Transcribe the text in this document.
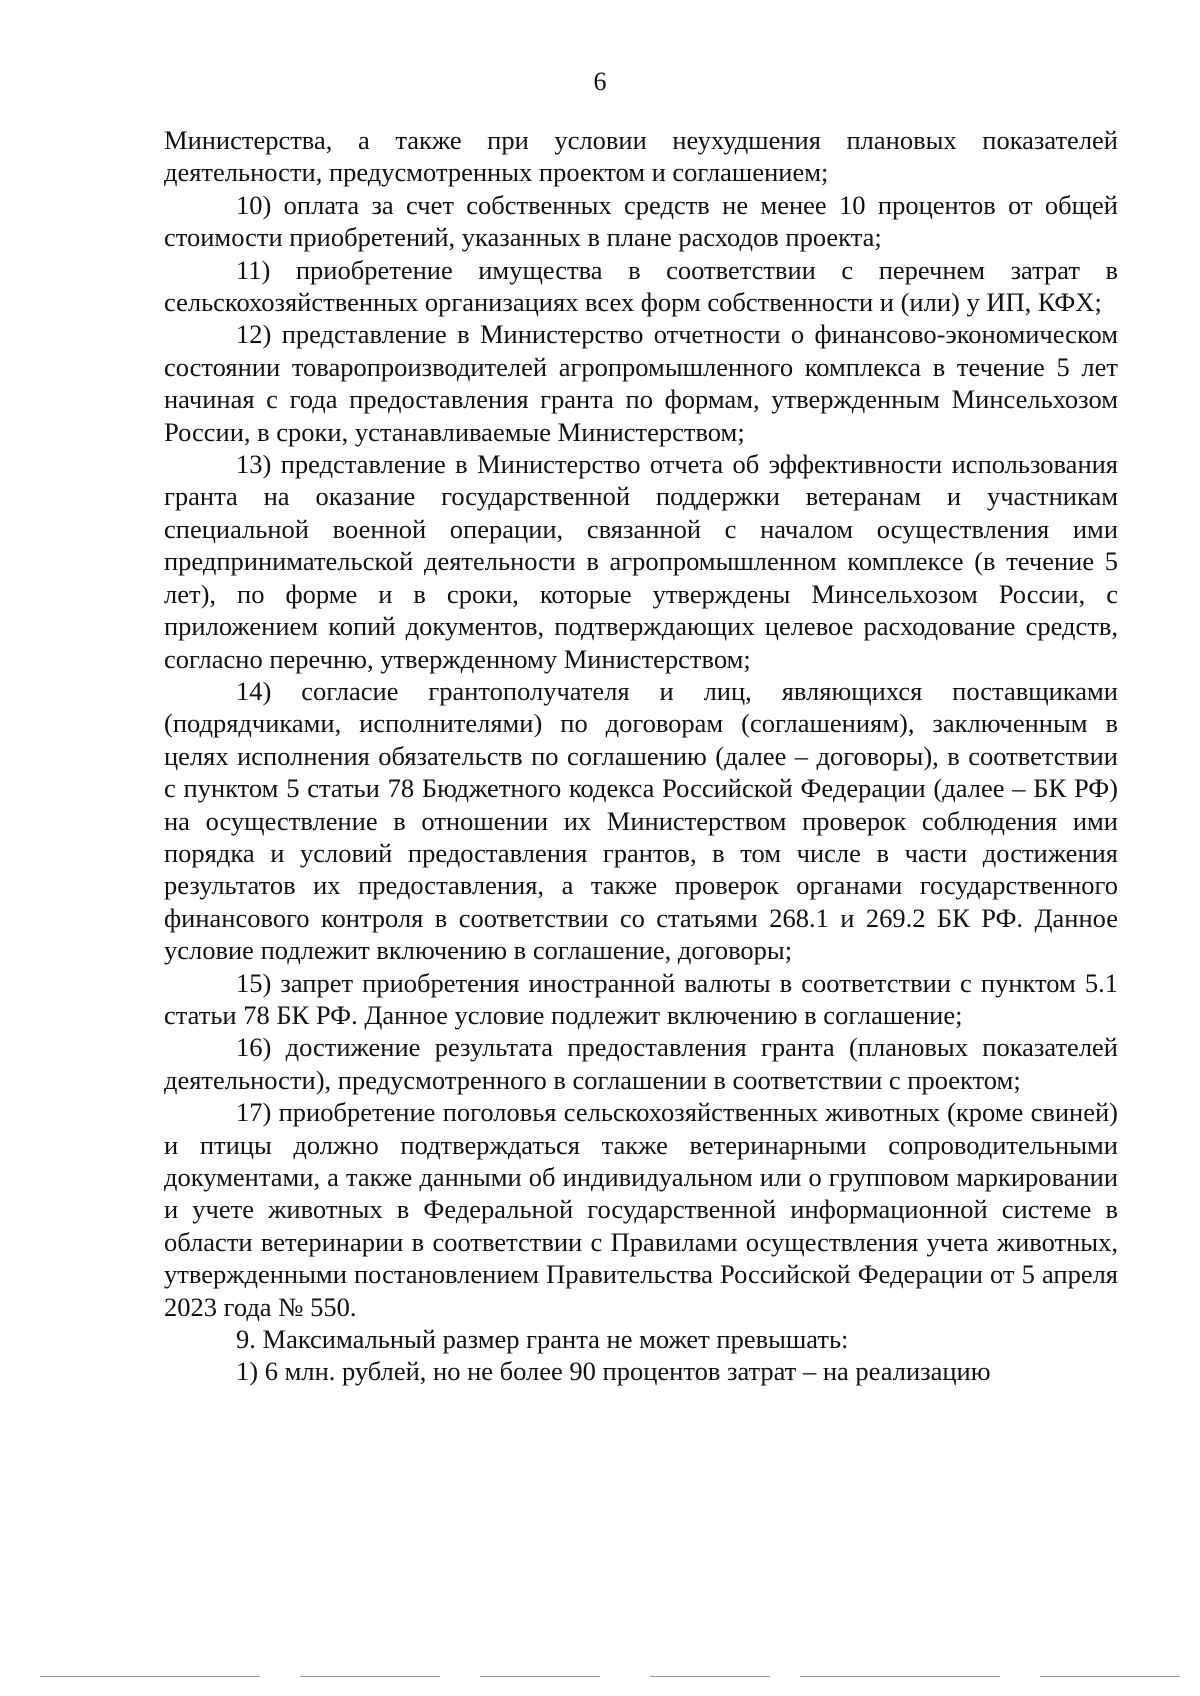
6

Министерства, а также при условии неухудшения плановых показателей деятельности, предусмотренных проектом и соглашением;

10) оплата за счет собственных средств не менее 10 процентов от общей стоимости приобретений, указанных в плане расходов проекта;

11) приобретение имущества в соответствии с перечнем затрат в сельскохозяйственных организациях всех форм собственности и (или) у ИП, КФХ;

12) представление в Министерство отчетности о финансово-экономическом состоянии товаропроизводителей агропромышленного комплекса в течение 5 лет начиная с года предоставления гранта по формам, утвержденным Минсельхозом России, в сроки, устанавливаемые Министерством;

13) представление в Министерство отчета об эффективности использования гранта на оказание государственной поддержки ветеранам и участникам специальной военной операции, связанной с началом осуществления ими предпринимательской деятельности в агропромышленном комплексе (в течение 5 лет), по форме и в сроки, которые утверждены Минсельхозом России, с приложением копий документов, подтверждающих целевое расходование средств, согласно перечню, утвержденному Министерством;

14) согласие грантополучателя и лиц, являющихся поставщиками (подрядчиками, исполнителями) по договорам (соглашениям), заключенным в целях исполнения обязательств по соглашению (далее – договоры), в соответствии с пунктом 5 статьи 78 Бюджетного кодекса Российской Федерации (далее – БК РФ) на осуществление в отношении их Министерством проверок соблюдения ими порядка и условий предоставления грантов, в том числе в части достижения результатов их предоставления, а также проверок органами государственного финансового контроля в соответствии со статьями 268.1 и 269.2 БК РФ. Данное условие подлежит включению в соглашение, договоры;

15) запрет приобретения иностранной валюты в соответствии с пунктом 5.1 статьи 78 БК РФ. Данное условие подлежит включению в соглашение;

16) достижение результата предоставления гранта (плановых показателей деятельности), предусмотренного в соглашении в соответствии с проектом;

17) приобретение поголовья сельскохозяйственных животных (кроме свиней) и птицы должно подтверждаться также ветеринарными сопроводительными документами, а также данными об индивидуальном или о групповом маркировании и учете животных в Федеральной государственной информационной системе в области ветеринарии в соответствии с Правилами осуществления учета животных, утвержденными постановлением Правительства Российской Федерации от 5 апреля 2023 года № 550.

9. Максимальный размер гранта не может превышать:

1) 6 млн. рублей, но не более 90 процентов затрат – на реализацию
